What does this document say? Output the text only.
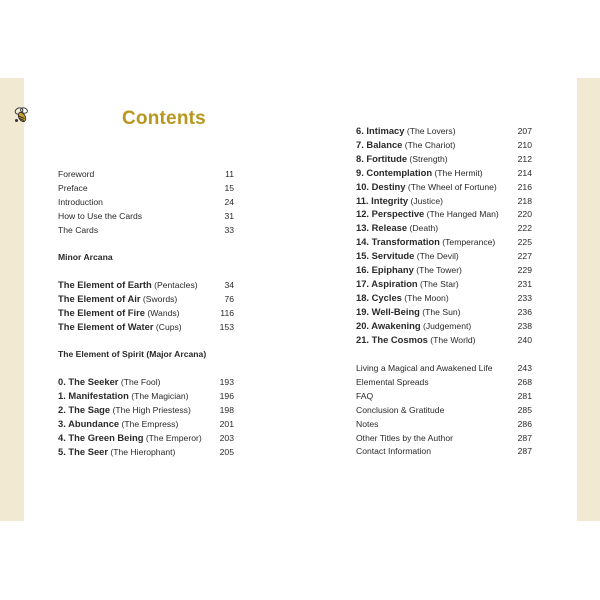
Contents
Foreword	11
Preface	15
Introduction	24
How to Use the Cards	31
The Cards	33
Minor Arcana
The Element of Earth (Pentacles)	34
The Element of Air (Swords)	76
The Element of Fire (Wands)	116
The Element of Water (Cups)	153
The Element of Spirit (Major Arcana)
0. The Seeker (The Fool)	193
1. Manifestation (The Magician)	196
2. The Sage (The High Priestess)	198
3. Abundance (The Empress)	201
4. The Green Being (The Emperor) 203
5. The Seer (The Hierophant)	205
6. Intimacy (The Lovers)	207
7. Balance (The Chariot)	210
8. Fortitude (Strength)	212
9. Contemplation (The Hermit)	214
10. Destiny (The Wheel of Fortune) 216
11. Integrity (Justice)	218
12. Perspective (The Hanged Man) 220
13. Release (Death)	222
14. Transformation (Temperance)	225
15. Servitude (The Devil)	227
16. Epiphany (The Tower)	229
17. Aspiration (The Star)	231
18. Cycles (The Moon)	233
19. Well-Being (The Sun)	236
20. Awakening (Judgement)	238
21. The Cosmos (The World)	240
Living a Magical and Awakened Life	243
Elemental Spreads	268
FAQ	281
Conclusion & Gratitude	285
Notes	286
Other Titles by the Author	287
Contact Information	287
